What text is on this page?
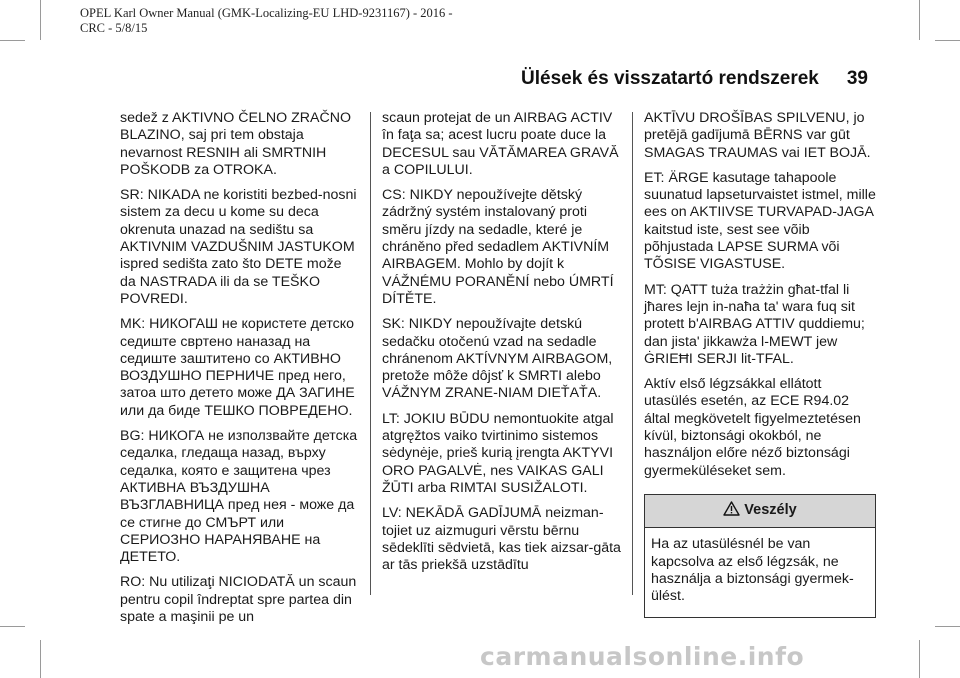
OPEL Karl Owner Manual (GMK-Localizing-EU LHD-9231167) - 2016 -
CRC - 5/8/15
Ülések és visszatartó rendszerek 39

sedež z AKTIVNO ČELNO ZRAČNO BLAZINO, saj pri tem obstaja nevarnost RESNIH ali SMRTNIH POŠKODB za OTROKA.

SR: NIKADA ne koristiti bezbed-nosni sistem za decu u kome su deca okrenuta unazad na sedištu sa AKTIVNIM VAZDUŠNIM JASTUKOM ispred sedišta zato što DETE može da NASTRADA ili da se TEŠKO POVREDI.

MK: НИКОГАШ не користете детско седиште свртено наназад на седиште заштитено со АКТИВНО ВОЗДУШНО ПЕРНИЧЕ пред него, затоа што детето може ДА ЗАГИНЕ или да биде ТЕШКО ПОВРЕДЕНО.

BG: НИКОГА не използвайте детска седалка, гледаща назад, върху седалка, която е защитена чрез АКТИВНА ВЪЗДУШНА ВЪЗГЛАВНИЦА пред нея - може да се стигне до СМЪРТ или СЕРИОЗНО НАРАНЯВАНЕ на ДЕТЕТО.

RO: Nu utilizaţi NICIODATĂ un scaun pentru copil îndreptat spre partea din spate a maşinii pe un

scaun protejat de un AIRBAG ACTIV în faţa sa; acest lucru poate duce la DECESUL sau VĂTĂMAREA GRAVĂ a COPILULUI.

CS: NIKDY nepoužívejte dětský zádržný systém instalovaný proti směru jízdy na sedadle, které je chráněno před sedadlem AKTIVNÍM AIRBAGEM. Mohlo by dojít k VÁŽNÉMU PORANĚNÍ nebo ÚMRTÍ DÍTĚTE.

SK: NIKDY nepoužívajte detskú sedačku otočenú vzad na sedadle chránenom AKTÍVNYM AIRBAGOM, pretože môže dôjsť k SMRTI alebo VÁŽNYM ZRANE-NIAM DIEŤAŤA.

LT: JOKIU BŪDU nemontuokite atgal atgręžtos vaiko tvirtinimo sistemos sėdynėje, prieš kurią įrengta AKTYVI ORO PAGALVĖ, nes VAIKAS GALI ŽŪTI arba RIMTAI SUSIŽALOTI.

LV: NEKĀDĀ GADĪJUMĀ neizman-tojiet uz aizmuguri vērstu bērnu sēdeklīti sēdvietā, kas tiek aizsar-gāta ar tās priekšā uzstādītu

AKTĪVU DROŠĪBAS SPILVENU, jo pretējā gadījumā BĒRNS var gūt SMAGAS TRAUMAS vai IET BOJĀ.

ET: ÄRGE kasutage tahapoole suunatud lapseturvaistet istmel, mille ees on AKTIIVSE TURVAPAD-JAGA kaitstud iste, sest see võib põhjustada LAPSE SURMA või TÕSISE VIGASTUSE.

MT: QATT tuża trażżin għat-tfal li jħares lejn in-naħa ta' wara fuq sit protett b'AIRBAG ATTIV quddiemu; dan jista' jikkawża l-MEWT jew ĠRIEĦI SERJI lit-TFAL.

Aktív első légzsákkal ellátott utasülés esetén, az ECE R94.02 által megkövetelt figyelmeztetésen kívül, biztonsági okokból, ne használjon előre néző biztonsági gyermeküléseket sem.

Veszély
Ha az utasülésnél be van kapcsolva az első légzsák, ne használja a biztonsági gyermek-ülést.
carmanualsonline.info
